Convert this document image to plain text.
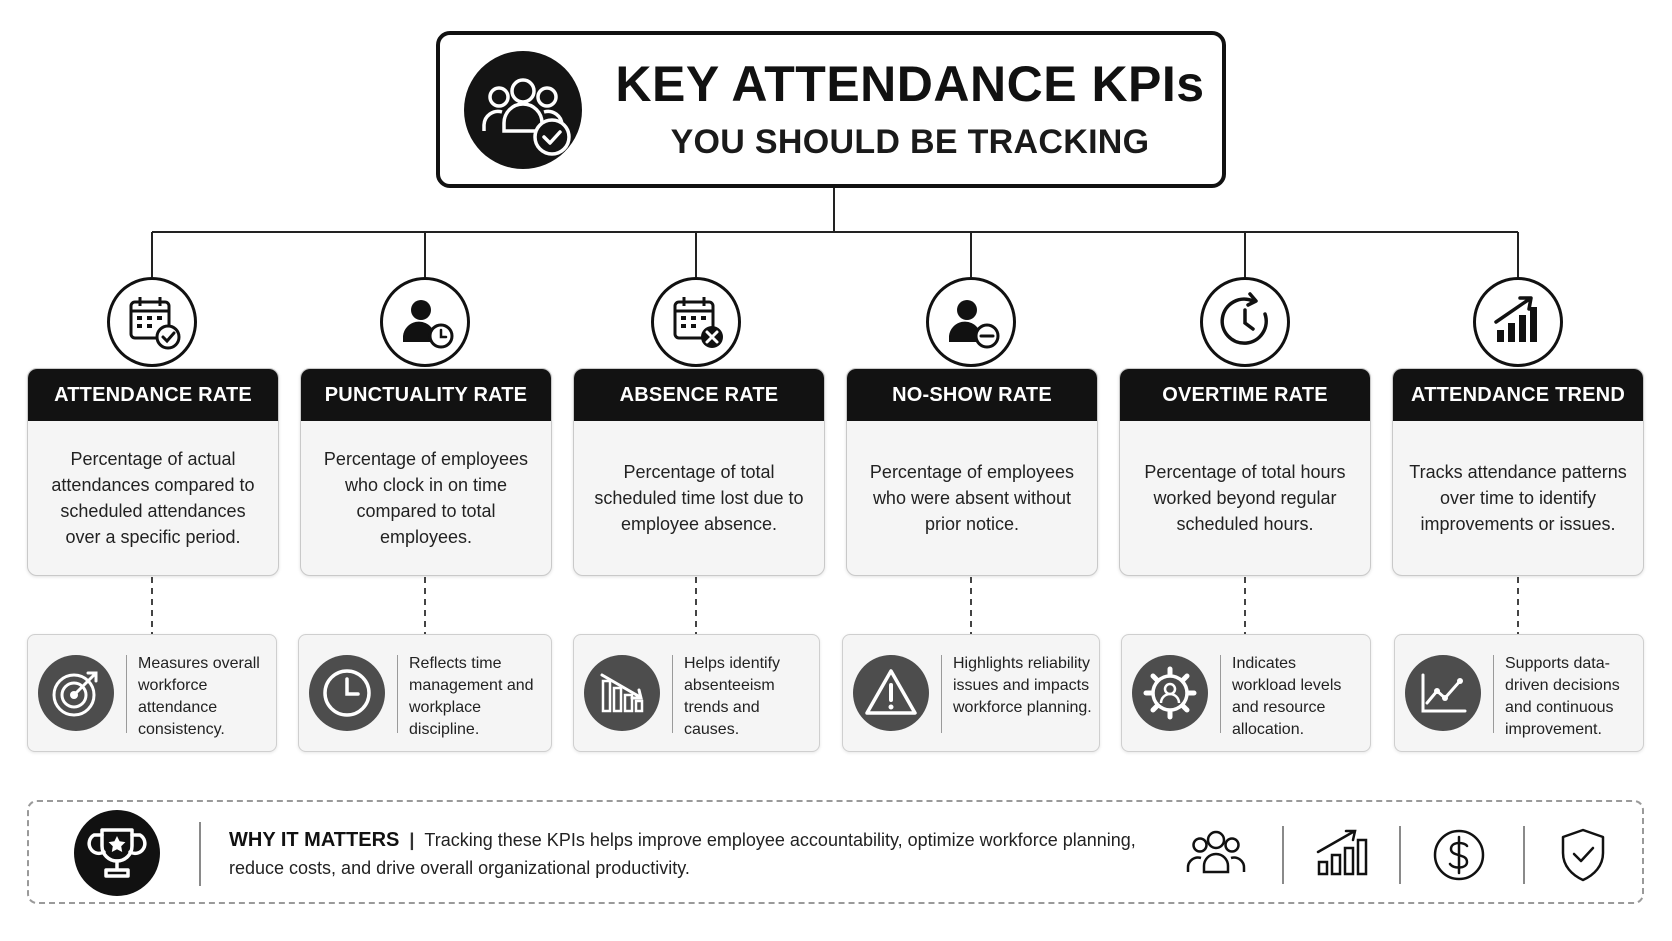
KEY ATTENDANCE KPIs
YOU SHOULD BE TRACKING
ATTENDANCE RATE
Percentage of actual attendances compared to scheduled attendances over a specific period.
PUNCTUALITY RATE
Percentage of employees who clock in on time compared to total employees.
ABSENCE RATE
Percentage of total scheduled time lost due to employee absence.
NO-SHOW RATE
Percentage of employees who were absent without prior notice.
OVERTIME RATE
Percentage of total hours worked beyond regular scheduled hours.
ATTENDANCE TREND
Tracks attendance patterns over time to identify improvements or issues.
Measures overall workforce attendance consistency.
Reflects time management and workplace discipline.
Helps identify absenteeism trends and causes.
Highlights reliability issues and impacts workforce planning.
Indicates workload levels and resource allocation.
Supports data-driven decisions and continuous improvement.
WHY IT MATTERS | Tracking these KPIs helps improve employee accountability, optimize workforce planning, reduce costs, and drive overall organizational productivity.
